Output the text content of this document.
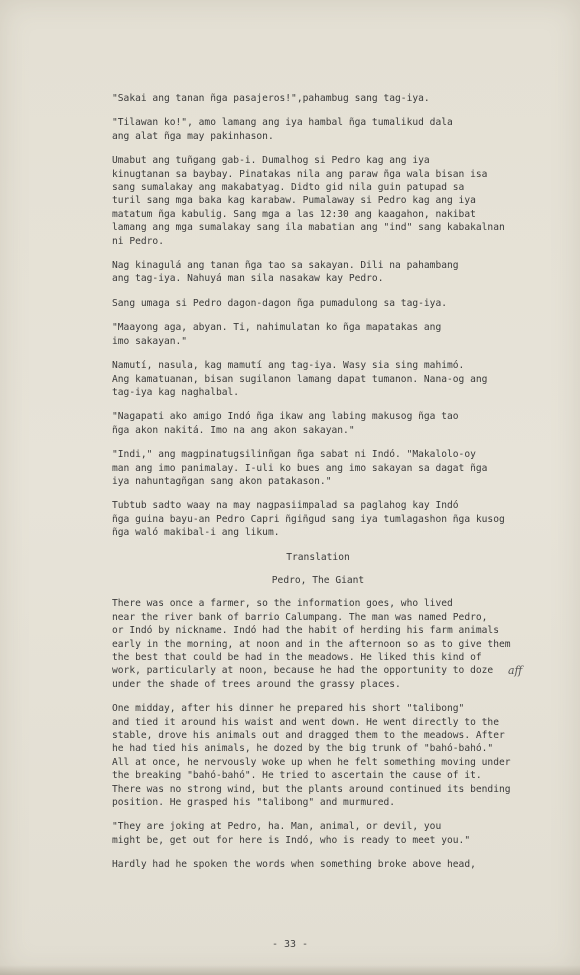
"Sakai ang tanan ñga pasajeros!",pahambug sang tag-iya.

"Tilawan ko!", amo lamang ang iya hambal ñga tumalikud dala
ang alat ñga may pakinhason.

Umabut ang tuñgang gab-i. Dumalhog si Pedro kag ang iya
kinugtanan sa baybay. Pinatakas nila ang paraw ñga wala bisan isa
sang sumalakay ang makabatyag. Didto gid nila guin patupad sa
turil sang mga baka kag karabaw. Pumalaway si Pedro kag ang iya
matatum ñga kabulig. Sang mga a las 12:30 ang kaagahon, nakibat
lamang ang mga sumalakay sang ila mabatian ang "ind" sang kabakalnan
ni Pedro.

Nag kinagulá ang tanan ñga tao sa sakayan. Dili na pahambang
ang tag-iya. Nahuyá man sila nasakaw kay Pedro.

Sang umaga si Pedro dagon-dagon ñga pumadulong sa tag-iya.

"Maayong aga, abyan. Ti, nahimulatan ko ñga mapatakas ang
imo sakayan."

Namutí, nasula, kag mamutí ang tag-iya. Wasy sia sing mahimó.
Ang kamatuanan, bisan sugilanon lamang dapat tumanon. Nana-og ang
tag-iya kag naghalbal.

"Nagapati ako amigo Indó ñga ikaw ang labing makusog ñga tao
ñga akon nakitá. Imo na ang akon sakayan."

"Indi," ang magpinatugsilinñgan ñga sabat ni Indó. "Makalolo-oy
man ang imo panimalay. I-uli ko bues ang imo sakayan sa dagat ñga
iya nahuntagñgan sang akon patakason."

Tubtub sadto waay na may nagpasiimpalad sa paglahog kay Indó
ñga guina bayu-an Pedro Capri ñgiñgud sang iya tumlagashon ñga kusog
ñga waló makibal-i ang likum.

Translation
Pedro, The Giant

There was once a farmer, so the information goes, who lived
near the river bank of barrio Calumpang. The man was named Pedro,
or Indó by nickname. Indó had the habit of herding his farm animals
early in the morning, at noon and in the afternoon so as to give them
the best that could be had in the meadows. He liked this kind of
work, particularly at noon, because he had the opportunity to doze
under the shade of trees around the grassy places.

One midday, after his dinner he prepared his short "talibong"
and tied it around his waist and went down. He went directly to the
stable, drove his animals out and dragged them to the meadows. After
he had tied his animals, he dozed by the big trunk of "bahó-bahó."
All at once, he nervously woke up when he felt something moving under
the breaking "bahó-bahó". He tried to ascertain the cause of it.
There was no strong wind, but the plants around continued its bending
position. He grasped his "talibong" and murmured.

"They are joking at Pedro, ha. Man, animal, or devil, you
might be, get out for here is Indó, who is ready to meet you."

Hardly had he spoken the words when something broke above head,

aff
- 33 -
